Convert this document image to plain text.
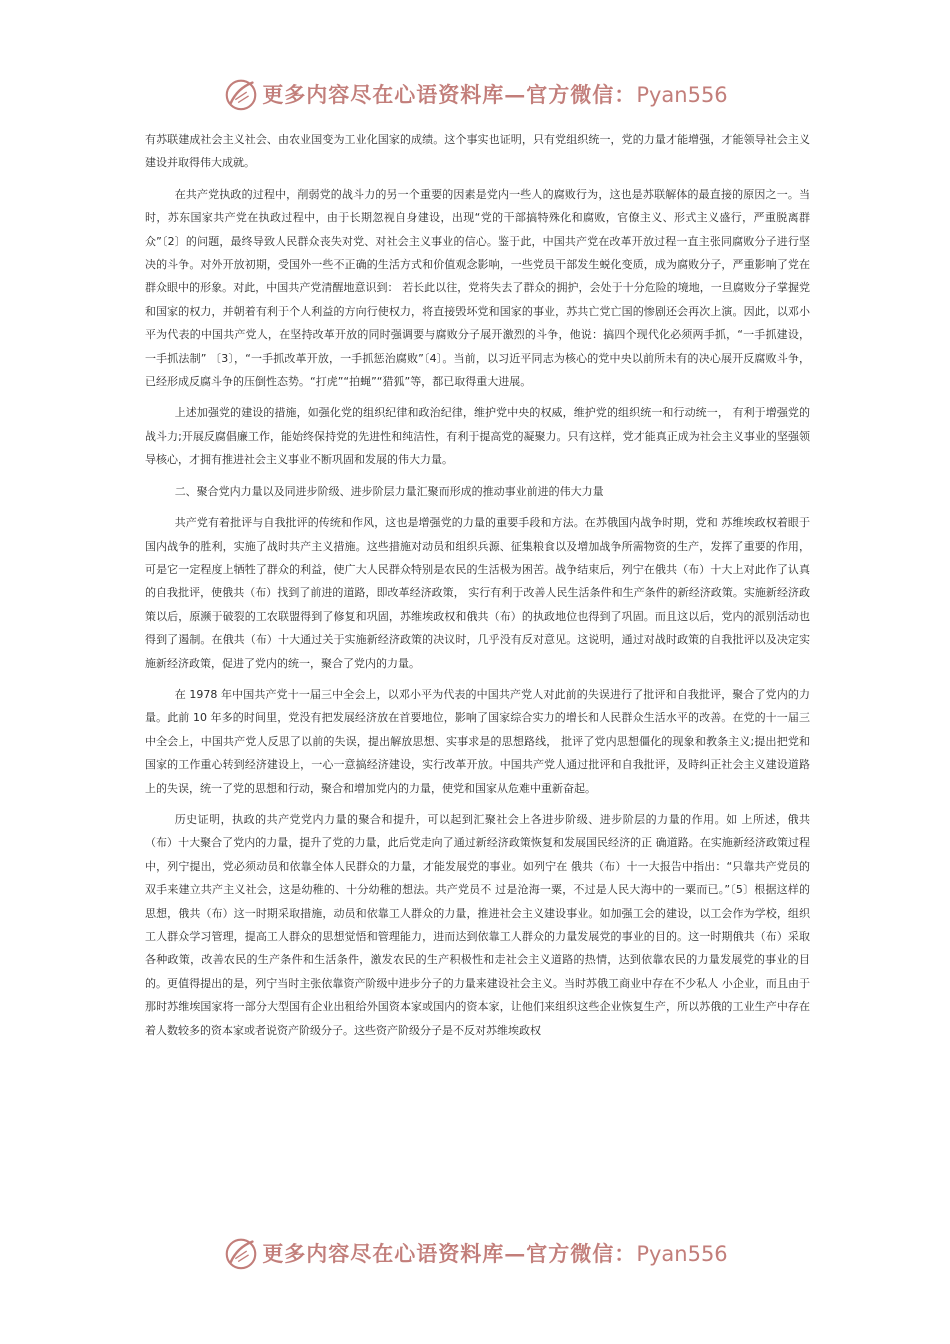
更多内容尽在心语资料库—官方微信：Pyan556

有苏联建成社会主义社会、由农业国变为工业化国家的成绩。这个事实也证明，只有党组织统一，党的力量才能增强，才能领导社会主义建设并取得伟大成就。

在共产党执政的过程中，削弱党的战斗力的另一个重要的因素是党内一些人的腐败行为，这也是苏联解体的最直接的原因之一。当时，苏东国家共产党在执政过程中，由于长期忽视自身建设，出现“党的干部搞特殊化和腐败，官僚主义、形式主义盛行，严重脱离群众”〔2〕的问题，最终导致人民群众丧失对党、对社会主义事业的信心。鉴于此，中国共产党在改革开放过程一直主张同腐败分子进行坚决的斗争。对外开放初期，受国外一些不正确的生活方式和价值观念影响，一些党员干部发生蜕化变质，成为腐败分子，严重影响了党在群众眼中的形象。对此，中国共产党清醒地意识到： 若长此以往，党将失去了群众的拥护，会处于十分危险的境地，一旦腐败分子掌握党和国家的权力，并朝着有利于个人利益的方向行使权力，将直接毁坏党和国家的事业，苏共亡党亡国的惨剧还会再次上演。因此，以邓小平为代表的中国共产党人，在坚持改革开放的同时强调要与腐败分子展开激烈的斗争，他说：搞四个现代化必须两手抓，“一手抓建设， 一手抓法制” 〔3〕，“一手抓改革开放，一手抓惩治腐败”〔4〕。当前，以习近平同志为核心的党中央以前所未有的决心展开反腐败斗争，已经形成反腐斗争的压倒性态势。“打虎”“拍蝇”“猎狐”等，都已取得重大进展。

上述加强党的建设的措施，如强化党的组织纪律和政治纪律，维护党中央的权威，维护党的组织统一和行动统一， 有利于增强党的战斗力;开展反腐倡廉工作，能始终保持党的先进性和纯洁性，有利于提高党的凝聚力。只有这样，党才能真正成为社会主义事业的坚强领导核心，才拥有推进社会主义事业不断巩固和发展的伟大力量。

二、聚合党内力量以及同进步阶级、进步阶层力量汇聚而形成的推动事业前进的伟大力量

共产党有着批评与自我批评的传统和作风，这也是增强党的力量的重要手段和方法。在苏俄国内战争时期，党和 苏维埃政权着眼于国内战争的胜利，实施了战时共产主义措施。这些措施对动员和组织兵源、征集粮食以及增加战争所需物资的生产，发挥了重要的作用，可是它一定程度上牺牲了群众的利益，使广大人民群众特别是农民的生活极为困苦。战争结束后，列宁在俄共（布）十大上对此作了认真的自我批评，使俄共（布）找到了前进的道路，即改革经济政策， 实行有利于改善人民生活条件和生产条件的新经济政策。实施新经济政策以后，原濒于破裂的工农联盟得到了修复和巩固，苏维埃政权和俄共（布）的执政地位也得到了巩固。而且这以后，党内的派别活动也得到了遏制。在俄共（布）十大通过关于实施新经济政策的决议时，几乎没有反对意见。这说明，通过对战时政策的自我批评以及决定实施新经济政策，促进了党内的统一，聚合了党内的力量。

在 1978 年中国共产党十一届三中全会上，以邓小平为代表的中国共产党人对此前的失误进行了批评和自我批评，聚合了党内的力量。此前 10 年多的时间里，党没有把发展经济放在首要地位，影响了国家综合实力的增长和人民群众生活水平的改善。在党的十一届三中全会上，中国共产党人反思了以前的失误，提出解放思想、实事求是的思想路线， 批评了党内思想僵化的现象和教条主义;提出把党和国家的工作重心转到经济建设上，一心一意搞经济建设，实行改革开放。中国共产党人通过批评和自我批评，及時纠正社会主义建设道路上的失误，统一了党的思想和行动，聚合和增加党内的力量，使党和国家从危难中重新奋起。

历史证明，执政的共产党党内力量的聚合和提升，可以起到汇聚社会上各进步阶级、进步阶层的力量的作用。如 上所述，俄共（布）十大聚合了党内的力量，提升了党的力量，此后党走向了通过新经济政策恢复和发展国民经济的正 确道路。在实施新经济政策过程中，列宁提出，党必须动员和依靠全体人民群众的力量，才能发展党的事业。如列宁在 俄共（布）十一大报告中指出：“只靠共产党员的双手来建立共产主义社会，这是幼稚的、十分幼稚的想法。共产党员不 过是沧海一粟，不过是人民大海中的一粟而已。”〔5〕根据这样的思想，俄共（布）这一时期采取措施，动员和依靠工人群众的力量，推进社会主义建设事业。如加强工会的建设，以工会作为学校，组织工人群众学习管理，提高工人群众的思想觉悟和管理能力，进而达到依靠工人群众的力量发展党的事业的目的。这一时期俄共（布）采取各种政策，改善农民的生产条件和生活条件，激发农民的生产积极性和走社会主义道路的热情，达到依靠农民的力量发展党的事业的目的。更值得提出的是，列宁当时主张依靠资产阶级中进步分子的力量来建设社会主义。当时苏俄工商业中存在不少私人 小企业，而且由于那时苏维埃国家将一部分大型国有企业出租给外国资本家或国内的资本家，让他们来组织这些企业恢复生产，所以苏俄的工业生产中存在着人数较多的资本家或者说资产阶级分子。这些资产阶级分子是不反对苏维埃政权

更多内容尽在心语资料库—官方微信：Pyan556
